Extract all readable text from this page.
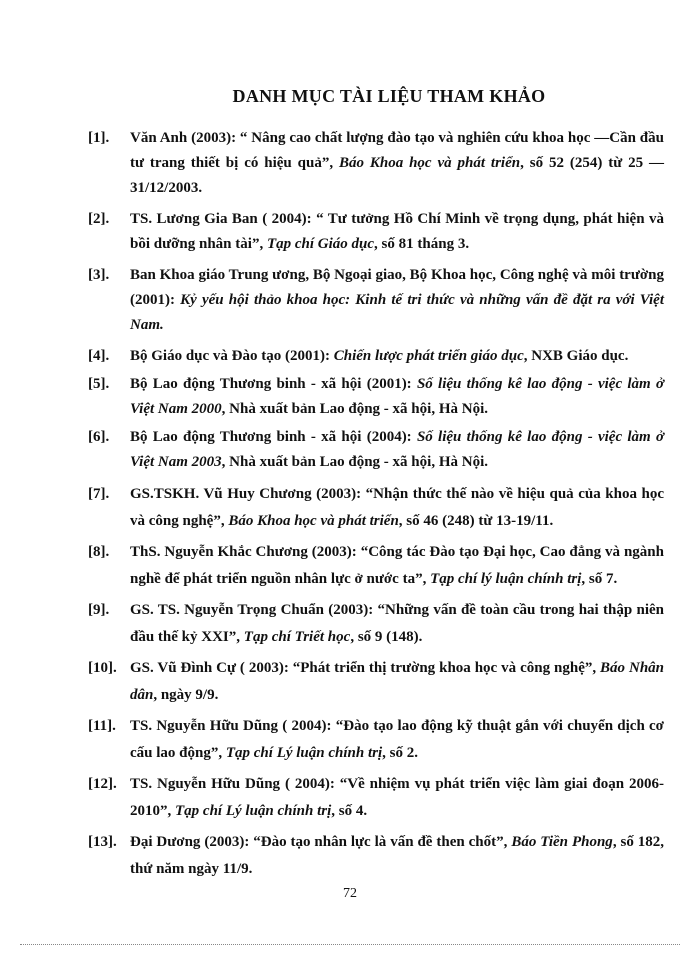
DANH MỤC TÀI LIỆU THAM KHẢO
[1].	Văn Anh (2003): “ Nâng cao chất lượng đào tạo và nghiên cứu khoa học —Cần đầu tư trang thiết bị có hiệu quả”, Báo Khoa học và phát triển, số 52 (254) từ 25 —31/12/2003.
[2].	TS. Lương Gia Ban ( 2004): “ Tư tưởng Hồ Chí Minh về trọng dụng, phát hiện và bồi dưỡng nhân tài”, Tạp chí Giáo dục, số 81 tháng 3.
[3].	Ban Khoa giáo Trung ương, Bộ Ngoại giao, Bộ Khoa học, Công nghệ và môi trường (2001): Kỷ yếu hội thảo khoa học: Kinh tế tri thức và những vấn đề đặt ra với Việt Nam.
[4].	Bộ Giáo dục và Đào tạo (2001): Chiến lược phát triển giáo dục, NXB Giáo dục.
[5].	Bộ Lao động Thương binh - xã hội (2001): Số liệu thống kê lao động - việc làm ở Việt Nam 2000, Nhà xuất bản Lao động - xã hội, Hà Nội.
[6].	Bộ Lao động Thương binh - xã hội (2004): Số liệu thống kê lao động - việc làm ở Việt Nam 2003, Nhà xuất bản Lao động - xã hội, Hà Nội.
[7].	GS.TSKH. Vũ Huy Chương (2003): “Nhận thức thế nào về hiệu quả của khoa học và công nghệ”, Báo Khoa học và phát triển, số 46 (248) từ 13-19/11.
[8].	ThS. Nguyễn Khắc Chương (2003): “Công tác Đào tạo Đại học, Cao đẳng và ngành nghề để phát triển nguồn nhân lực ở nước ta”, Tạp chí lý luận chính trị, số 7.
[9].	GS. TS. Nguyễn Trọng Chuẩn (2003): “Những vấn đề toàn cầu trong hai thập niên đầu thế kỷ XXI”, Tạp chí Triết học, số 9 (148).
[10]. GS. Vũ Đình Cự ( 2003): “Phát triển thị trường khoa học và công nghệ”, Báo Nhân dân, ngày 9/9.
[11]. TS. Nguyễn Hữu Dũng ( 2004): “Đào tạo lao động kỹ thuật gắn với chuyển dịch cơ cấu lao động”, Tạp chí Lý luận chính trị, số 2.
[12]. TS. Nguyễn Hữu Dũng ( 2004): “Về nhiệm vụ phát triển việc làm giai đoạn 2006-2010”, Tạp chí Lý luận chính trị, số 4.
[13]. Đại Dương (2003): “Đào tạo nhân lực là vấn đề then chốt”, Báo Tiền Phong, số 182, thứ năm ngày 11/9.
72
